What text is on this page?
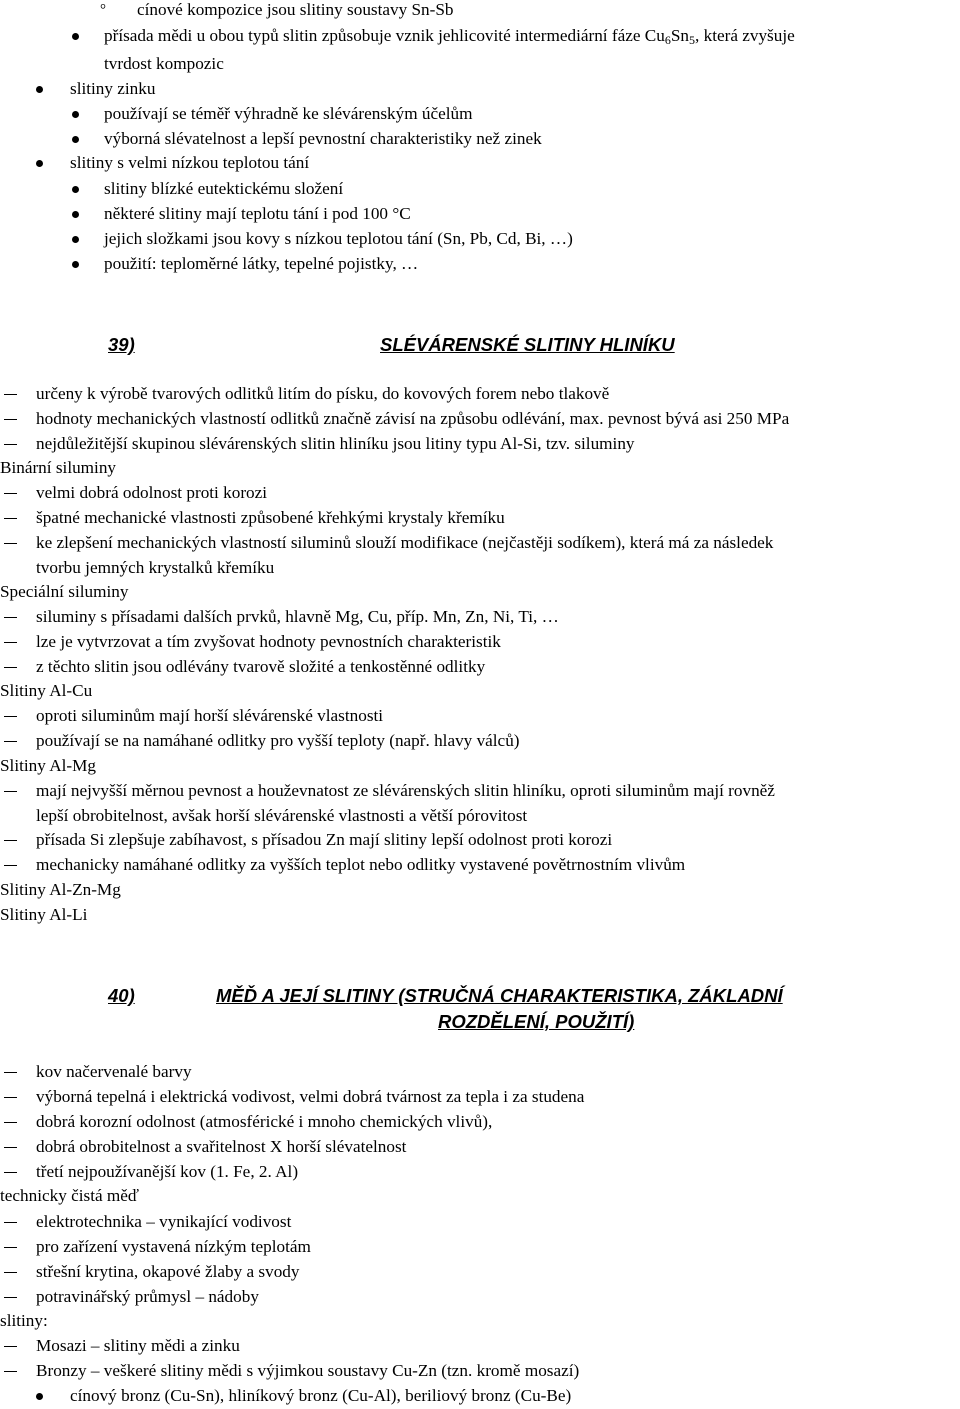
° cínové kompozice jsou slitiny soustavy Sn-Sb
přísada mědi u obou typů slitin způsobuje vznik jehlicovité intermediární fáze $Cu_6Sn_5$, která zvyšuje
tvrdost kompozic
slitiny zinku
používají se téměř výhradně ke slévárenským účelům
výborná slévatelnost a lepší pevnostní charakteristiky než zinek
slitiny s velmi nízkou teplotou tání
slitiny blízké eutektickému složení
některé slitiny mají teplotu tání i pod 100 °C
jejich složkami jsou kovy s nízkou teplotou tání (Sn, Pb, Cd, Bi, …)
použití: teploměrné látky, tepelné pojistky, …
39)	SLÉVÁRENSKÉ SLITINY HLINÍKU
určeny k výrobě tvarových odlitků litím do písku, do kovových forem nebo tlakově
hodnoty mechanických vlastností odlitků značně závisí na způsobu odlévání, max. pevnost bývá asi 250 MPa
nejdůležitější skupinou slévárenských slitin hliníku jsou litiny typu Al-Si, tzv. siluminy
Binární siluminy
velmi dobrá odolnost proti korozi
špatné mechanické vlastnosti způsobené křehkými krystaly křemíku
ke zlepšení mechanických vlastností siluminů slouží modifikace (nejčastěji sodíkem), která má za následek
tvorbu jemných krystalků křemíku
Speciální siluminy
siluminy s přísadami dalších prvků, hlavně Mg, Cu, příp. Mn, Zn, Ni, Ti, …
lze je vytvrzovat a tím zvyšovat hodnoty pevnostních charakteristik
z těchto slitin jsou odlévány tvarově složité a tenkostěnné odlitky
Slitiny Al-Cu
oproti siluminům mají horší slévárenské vlastnosti
používají se na namáhané odlitky pro vyšší teploty (např. hlavy válců)
Slitiny Al-Mg
mají nejvyšší měrnou pevnost a houževnatost ze slévárenských slitin hliníku, oproti siluminům mají rovněž
lepší obrobitelnost, avšak horší slévárenské vlastnosti a větší pórovitost
přísada Si zlepšuje zabíhavost, s přísadou Zn mají slitiny lepší odolnost proti korozi
mechanicky namáhané odlitky za vyšších teplot nebo odlitky vystavené povětrnostním vlivům
Slitiny Al-Zn-Mg
Slitiny Al-Li
40)	MĚĎ A JEJÍ SLITINY (STRUČNÁ CHARAKTERISTIKA, ZÁKLADNÍ
ROZDĚLENÍ, POUŽITÍ)
kov načervenalé barvy
výborná tepelná i elektrická vodivost, velmi dobrá tvárnost za tepla i za studena
dobrá korozní odolnost (atmosférické i mnoho chemických vlivů),
dobrá obrobitelnost a svařitelnost X horší slévatelnost
třetí nejpoužívanější kov (1. Fe, 2. Al)
technicky čistá měď
elektrotechnika – vynikající vodivost
pro zařízení vystavená nízkým teplotám
střešní krytina, okapové žlaby a svody
potravinářský průmysl – nádoby
slitiny:
Mosazi – slitiny mědi a zinku
Bronzy – veškeré slitiny mědi s výjimkou soustavy Cu-Zn (tzn. kromě mosazí)
cínový bronz (Cu-Sn), hliníkový bronz (Cu-Al), beriliový bronz (Cu-Be)
